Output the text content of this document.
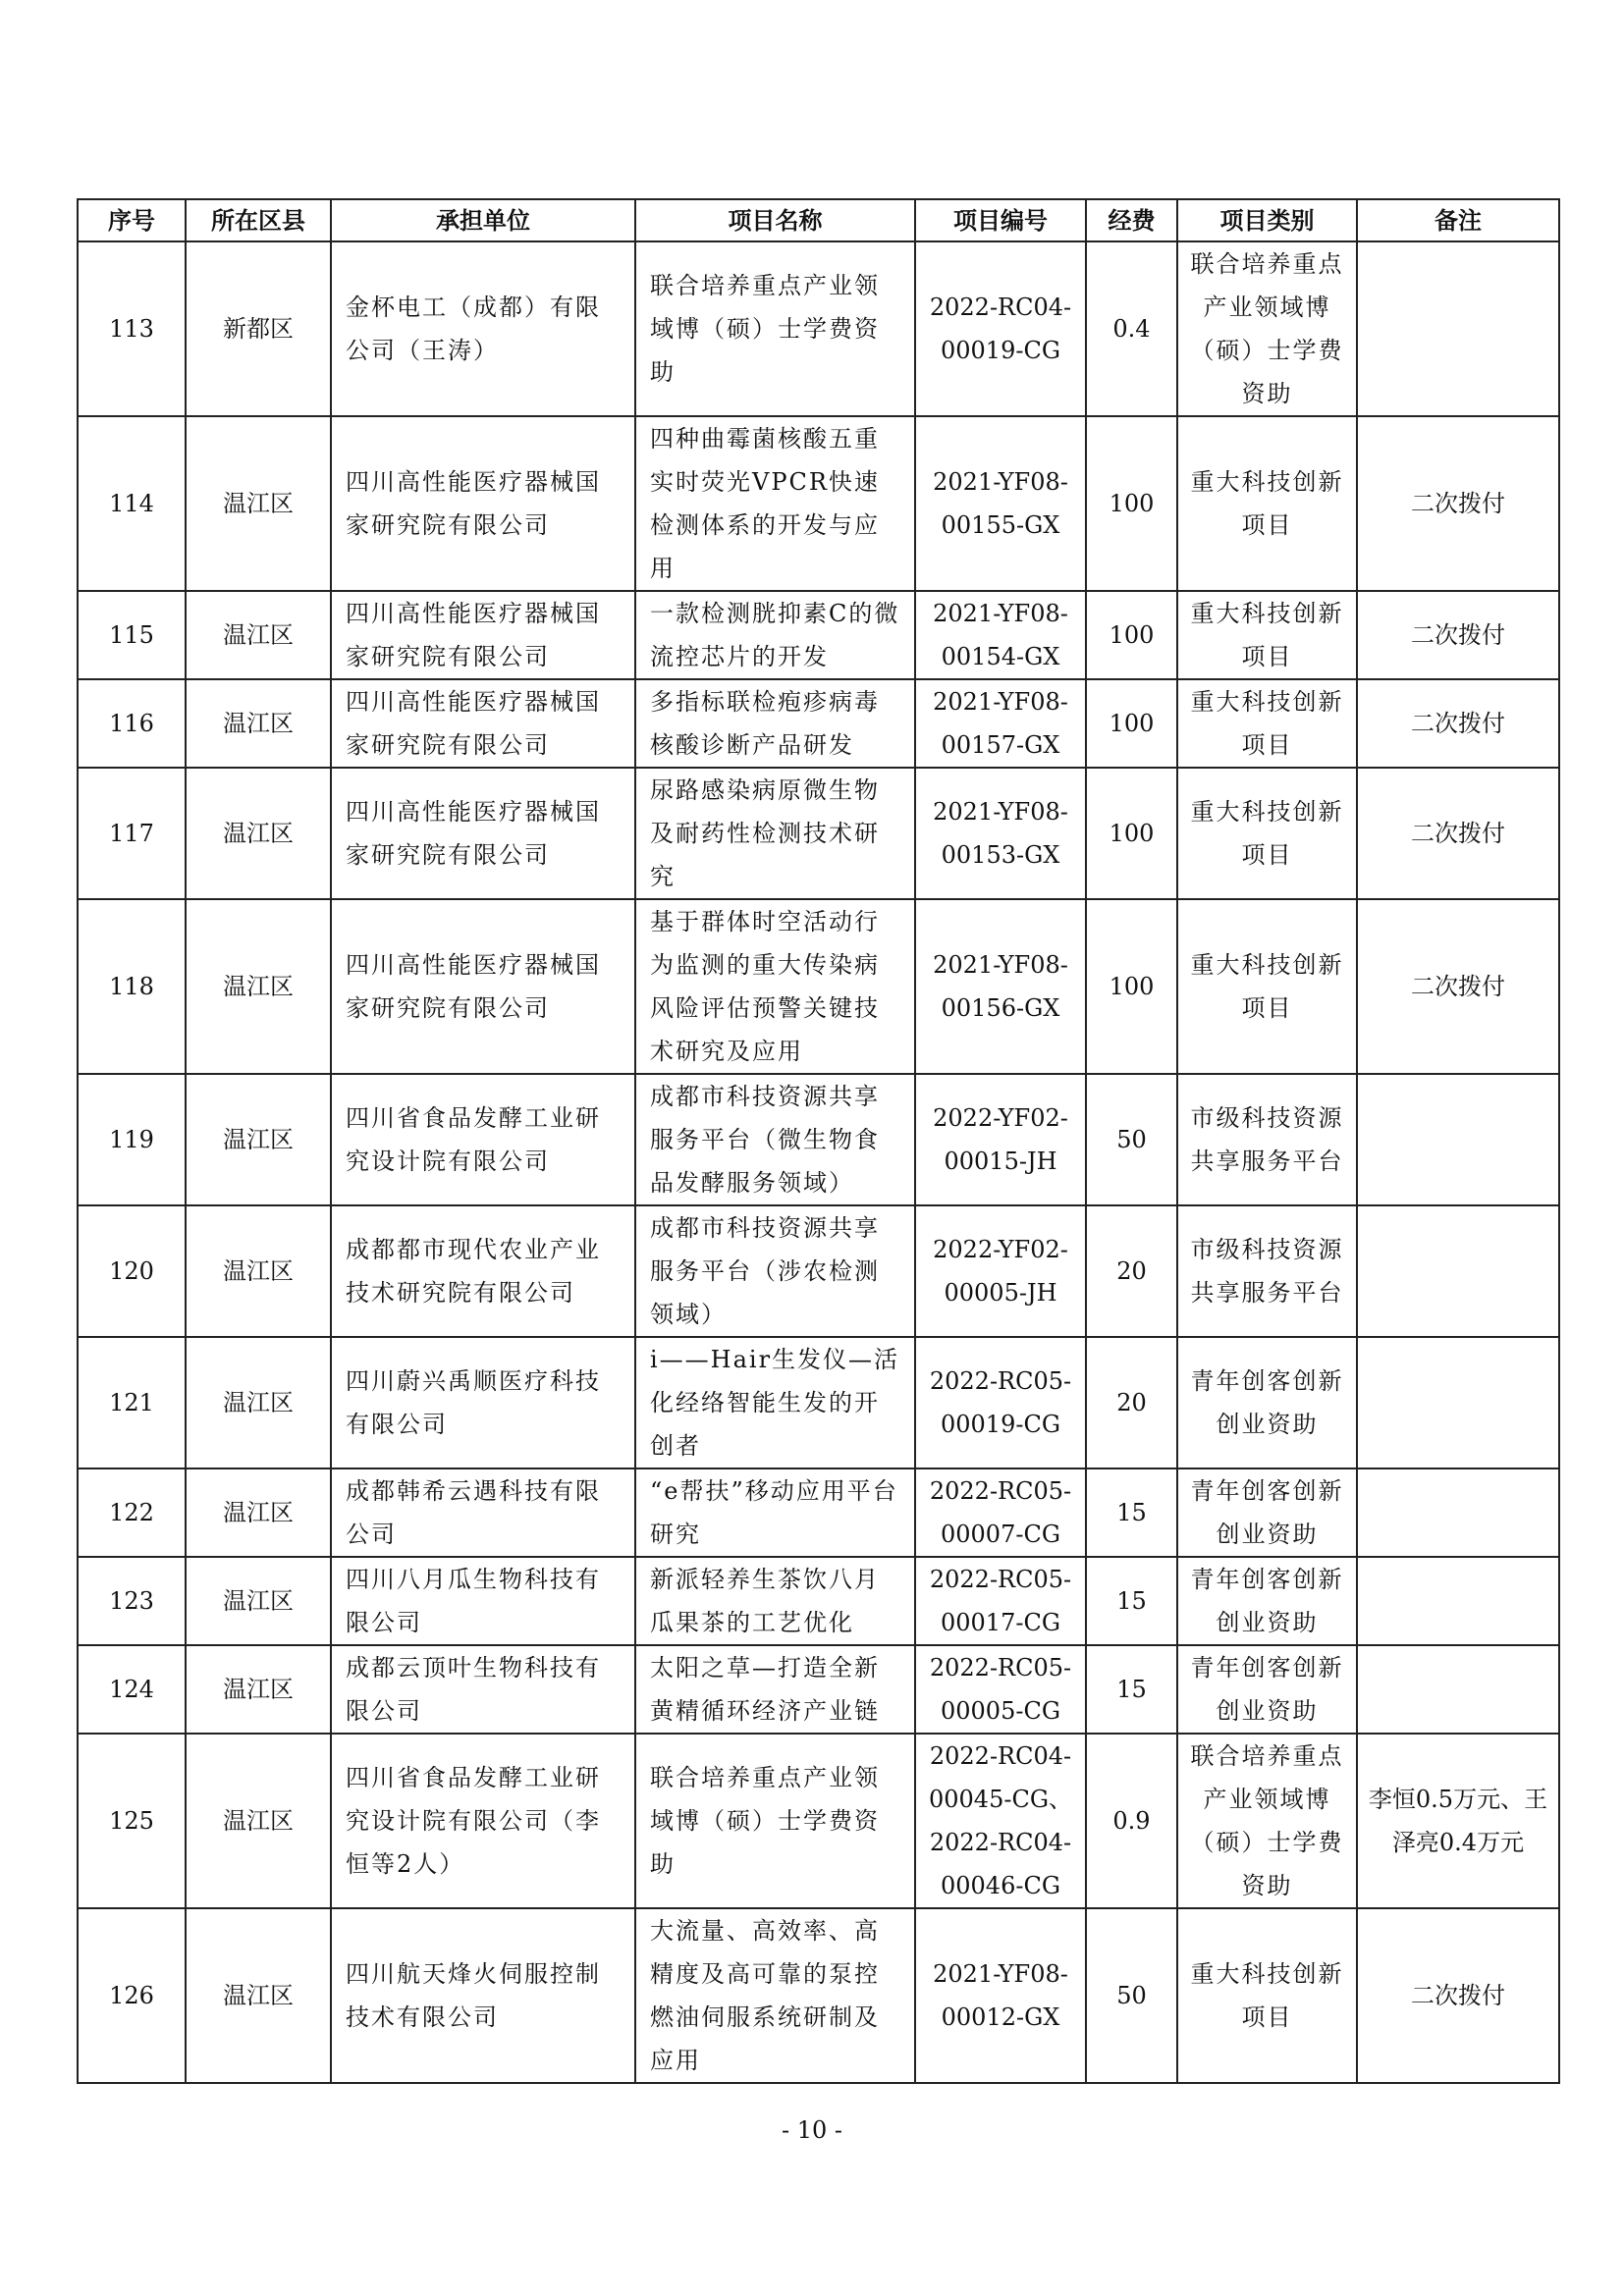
序号	所在区县	承担单位	项目名称	项目编号	经费	项目类别	备注
113	新都区	金杯电工（成都）有限公司（王涛）	联合培养重点产业领域博（硕）士学费资助	2022-RC04-00019-CG	0.4	联合培养重点产业领域博（硕）士学费资助	
114	温江区	四川高性能医疗器械国家研究院有限公司	四种曲霉菌核酸五重实时荧光VPCR快速检测体系的开发与应用	2021-YF08-00155-GX	100	重大科技创新项目	二次拨付
115	温江区	四川高性能医疗器械国家研究院有限公司	一款检测胱抑素C的微流控芯片的开发	2021-YF08-00154-GX	100	重大科技创新项目	二次拨付
116	温江区	四川高性能医疗器械国家研究院有限公司	多指标联检疱疹病毒核酸诊断产品研发	2021-YF08-00157-GX	100	重大科技创新项目	二次拨付
117	温江区	四川高性能医疗器械国家研究院有限公司	尿路感染病原微生物及耐药性检测技术研究	2021-YF08-00153-GX	100	重大科技创新项目	二次拨付
118	温江区	四川高性能医疗器械国家研究院有限公司	基于群体时空活动行为监测的重大传染病风险评估预警关键技术研究及应用	2021-YF08-00156-GX	100	重大科技创新项目	二次拨付
119	温江区	四川省食品发酵工业研究设计院有限公司	成都市科技资源共享服务平台（微生物食品发酵服务领域）	2022-YF02-00015-JH	50	市级科技资源共享服务平台	
120	温江区	成都都市现代农业产业技术研究院有限公司	成都市科技资源共享服务平台（涉农检测领域）	2022-YF02-00005-JH	20	市级科技资源共享服务平台	
121	温江区	四川蔚兴禹顺医疗科技有限公司	i——Hair生发仪—活化经络智能生发的开创者	2022-RC05-00019-CG	20	青年创客创新创业资助	
122	温江区	成都韩希云遇科技有限公司	“e帮扶”移动应用平台研究	2022-RC05-00007-CG	15	青年创客创新创业资助	
123	温江区	四川八月瓜生物科技有限公司	新派轻养生茶饮八月瓜果茶的工艺优化	2022-RC05-00017-CG	15	青年创客创新创业资助	
124	温江区	成都云顶叶生物科技有限公司	太阳之草—打造全新黄精循环经济产业链	2022-RC05-00005-CG	15	青年创客创新创业资助	
125	温江区	四川省食品发酵工业研究设计院有限公司（李恒等2人）	联合培养重点产业领域博（硕）士学费资助	2022-RC04-00045-CG、2022-RC04-00046-CG	0.9	联合培养重点产业领域博（硕）士学费资助	李恒0.5万元、王泽亮0.4万元
126	温江区	四川航天烽火伺服控制技术有限公司	大流量、高效率、高精度及高可靠的泵控燃油伺服系统研制及应用	2021-YF08-00012-GX	50	重大科技创新项目	二次拨付
- 10 -
